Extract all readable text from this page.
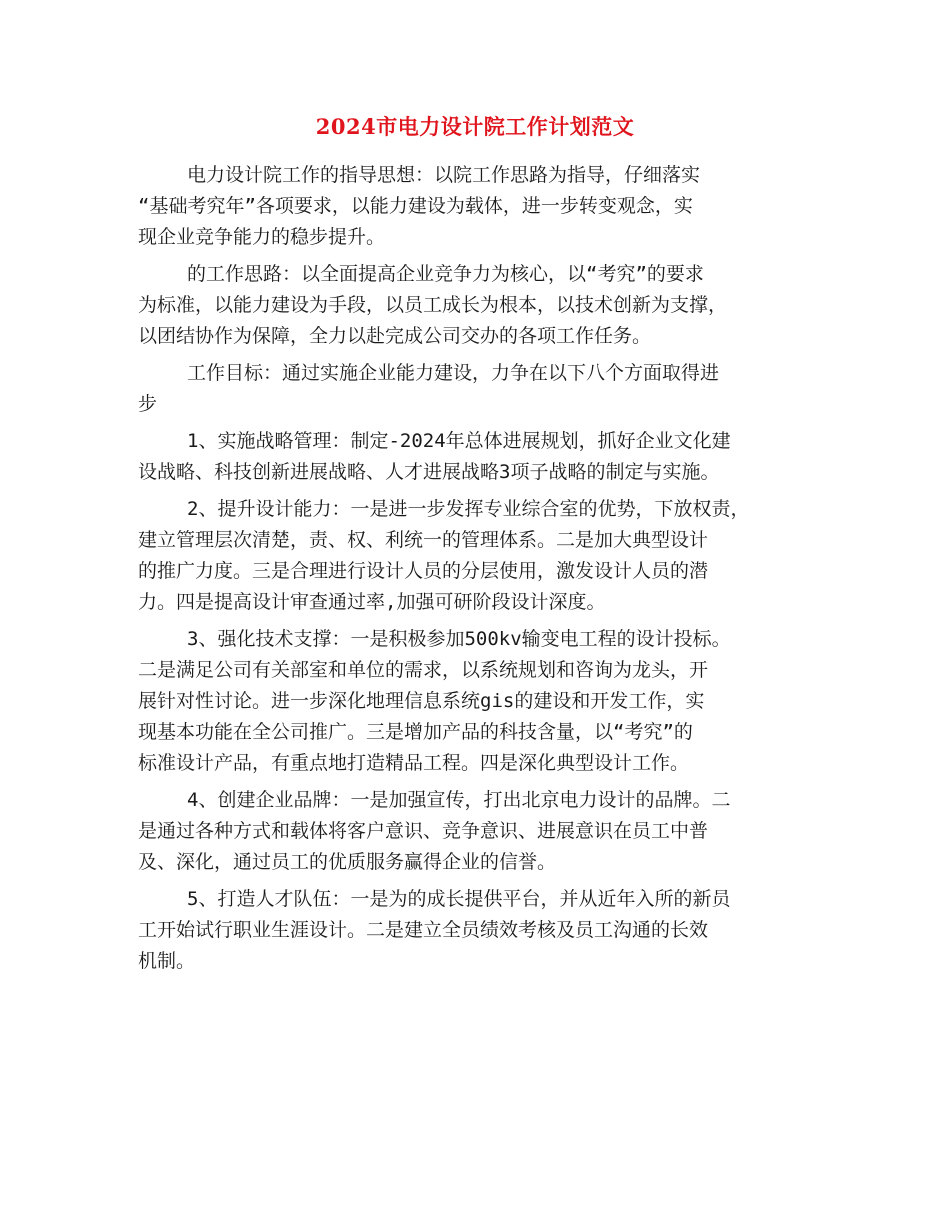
2024市电力设计院工作计划范文
电力设计院工作的指导思想：以院工作思路为指导，仔细落实
“基础考究年”各项要求，以能力建设为载体，进一步转变观念，实
现企业竞争能力的稳步提升。
的工作思路：以全面提高企业竞争力为核心，以“考究”的要求
为标准，以能力建设为手段，以员工成长为根本，以技术创新为支撑，
以团结协作为保障，全力以赴完成公司交办的各项工作任务。
工作目标：通过实施企业能力建设，力争在以下八个方面取得进
步
1、实施战略管理：制定-2024年总体进展规划，抓好企业文化建
设战略、科技创新进展战略、人才进展战略3项子战略的制定与实施。
2、提升设计能力：一是进一步发挥专业综合室的优势，下放权责，
建立管理层次清楚，责、权、利统一的管理体系。二是加大典型设计
的推广力度。三是合理进行设计人员的分层使用，激发设计人员的潜
力。四是提高设计审查通过率,加强可研阶段设计深度。
3、强化技术支撑：一是积极参加500kv输变电工程的设计投标。
二是满足公司有关部室和单位的需求，以系统规划和咨询为龙头，开
展针对性讨论。进一步深化地理信息系统gis的建设和开发工作，实
现基本功能在全公司推广。三是增加产品的科技含量，以“考究”的
标准设计产品，有重点地打造精品工程。四是深化典型设计工作。
4、创建企业品牌：一是加强宣传，打出北京电力设计的品牌。二
是通过各种方式和载体将客户意识、竞争意识、进展意识在员工中普
及、深化，通过员工的优质服务赢得企业的信誉。
5、打造人才队伍：一是为的成长提供平台，并从近年入所的新员
工开始试行职业生涯设计。二是建立全员绩效考核及员工沟通的长效
机制。
